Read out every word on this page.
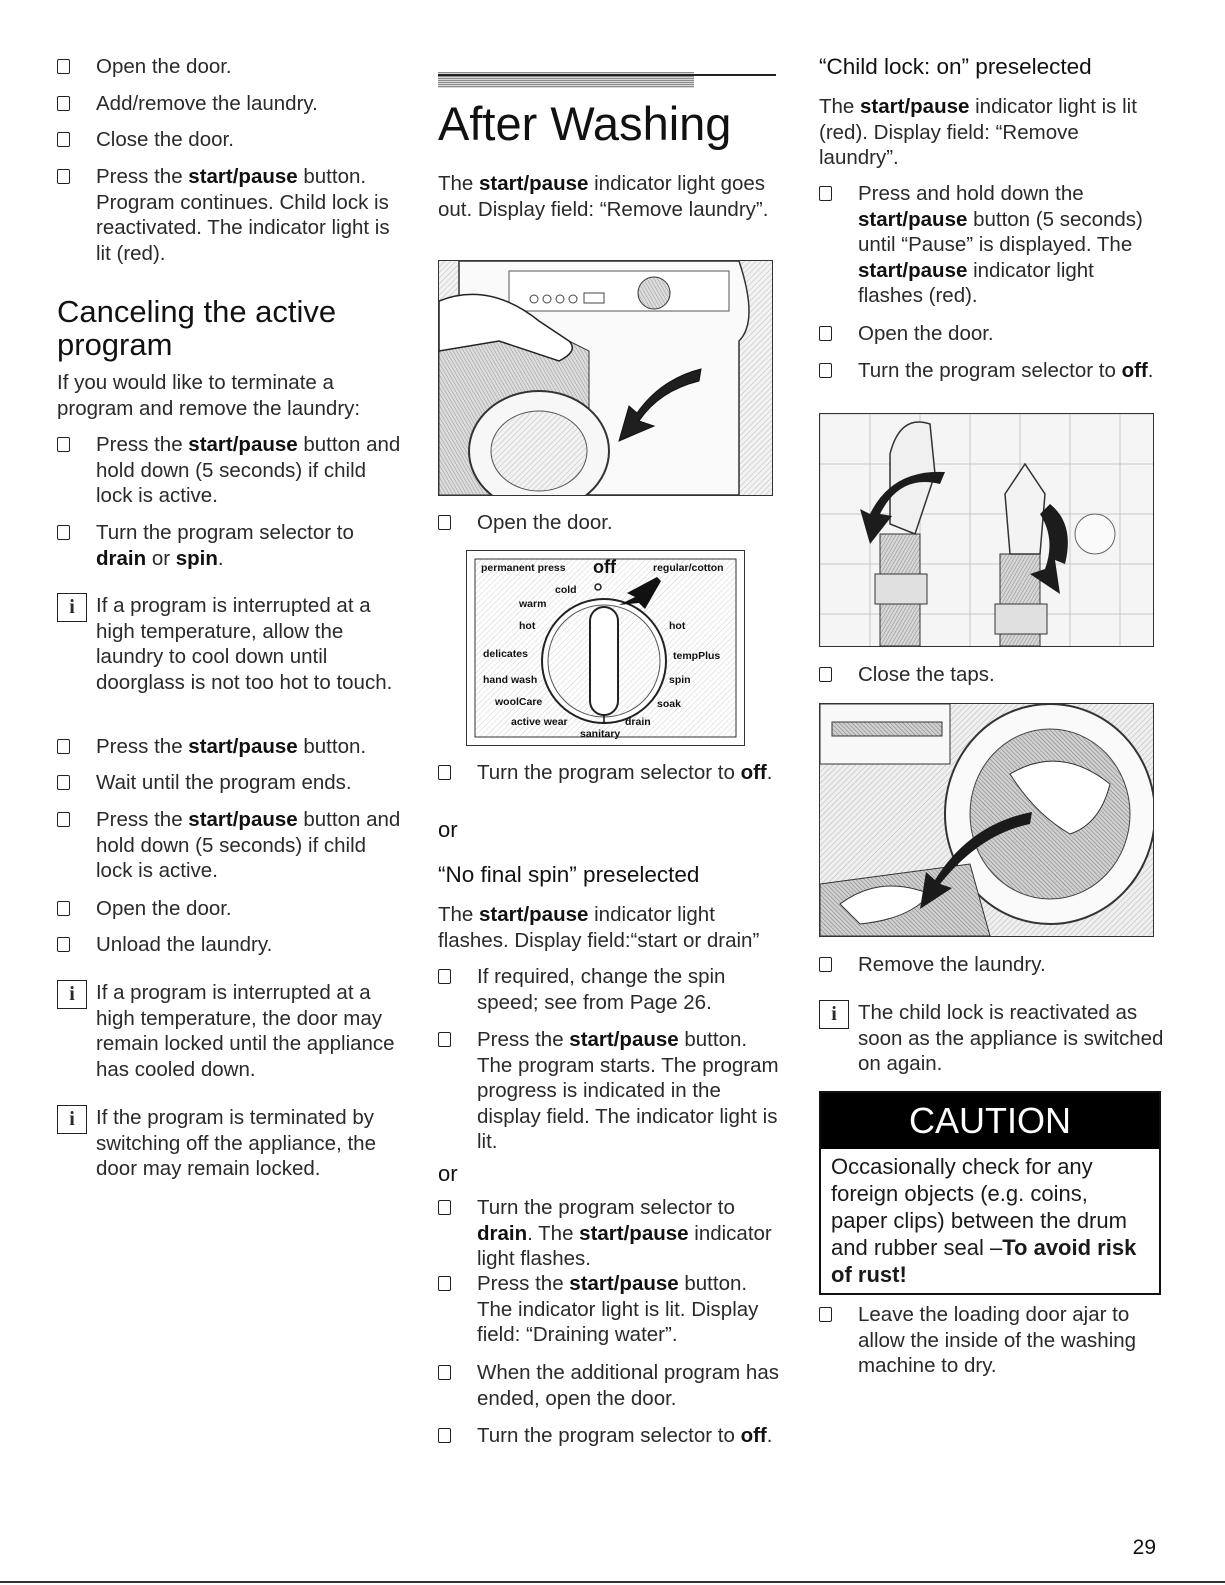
Open the door.
Add/remove the laundry.
Close the door.
Press the start/pause button. Program continues. Child lock is reactivated. The indicator light is lit (red).
Canceling the active program
If you would like to terminate a program and remove the laundry:
Press the start/pause button and hold down (5 seconds) if child lock is active.
Turn the program selector to drain or spin.
i	If a program is interrupted at a high temperature, allow the laundry to cool down until doorglass is not too hot to touch.
Press the start/pause button.
Wait until the program ends.
Press the start/pause button and hold down (5 seconds) if child lock is active.
Open the door.
Unload the laundry.
i	If a program is interrupted at a high temperature, the door may remain locked until the appliance has cooled down.
i	If the program is terminated by switching off the appliance, the door may remain locked.
After Washing
The start/pause indicator light goes out. Display field: “Remove laundry”.
Open the door.
permanent press off	regular/cotton
cold
warm
hot	hot
delicates	tempPlus
hand wash	spin
woolCare	soak
active wear	drain
sanitary
Turn the program selector to off.
or
“No final spin” preselected
The start/pause indicator light flashes. Display field:“start or drain”
If required, change the spin speed; see from Page 26.
Press the start/pause button. The program starts. The program progress is indicated in the display field. The indicator light is lit.
or
Turn the program selector to drain. The start/pause indicator light flashes.
Press the start/pause button. The indicator light is lit. Display field: “Draining water”.
When the additional program has ended, open the door.
Turn the program selector to off.
“Child lock: on” preselected
The start/pause indicator light is lit (red). Display field: “Remove laundry”.
Press and hold down the start/pause button (5 seconds) until “Pause” is displayed. The start/pause indicator light flashes (red).
Open the door.
Turn the program selector to off.
Close the taps.
Remove the laundry.
i	The child lock is reactivated as soon as the appliance is switched on again.
CAUTION
Occasionally check for any foreign objects (e.g. coins, paper clips) between the drum and rubber seal –To avoid risk of rust!
Leave the loading door ajar to allow the inside of the washing machine to dry.
29
